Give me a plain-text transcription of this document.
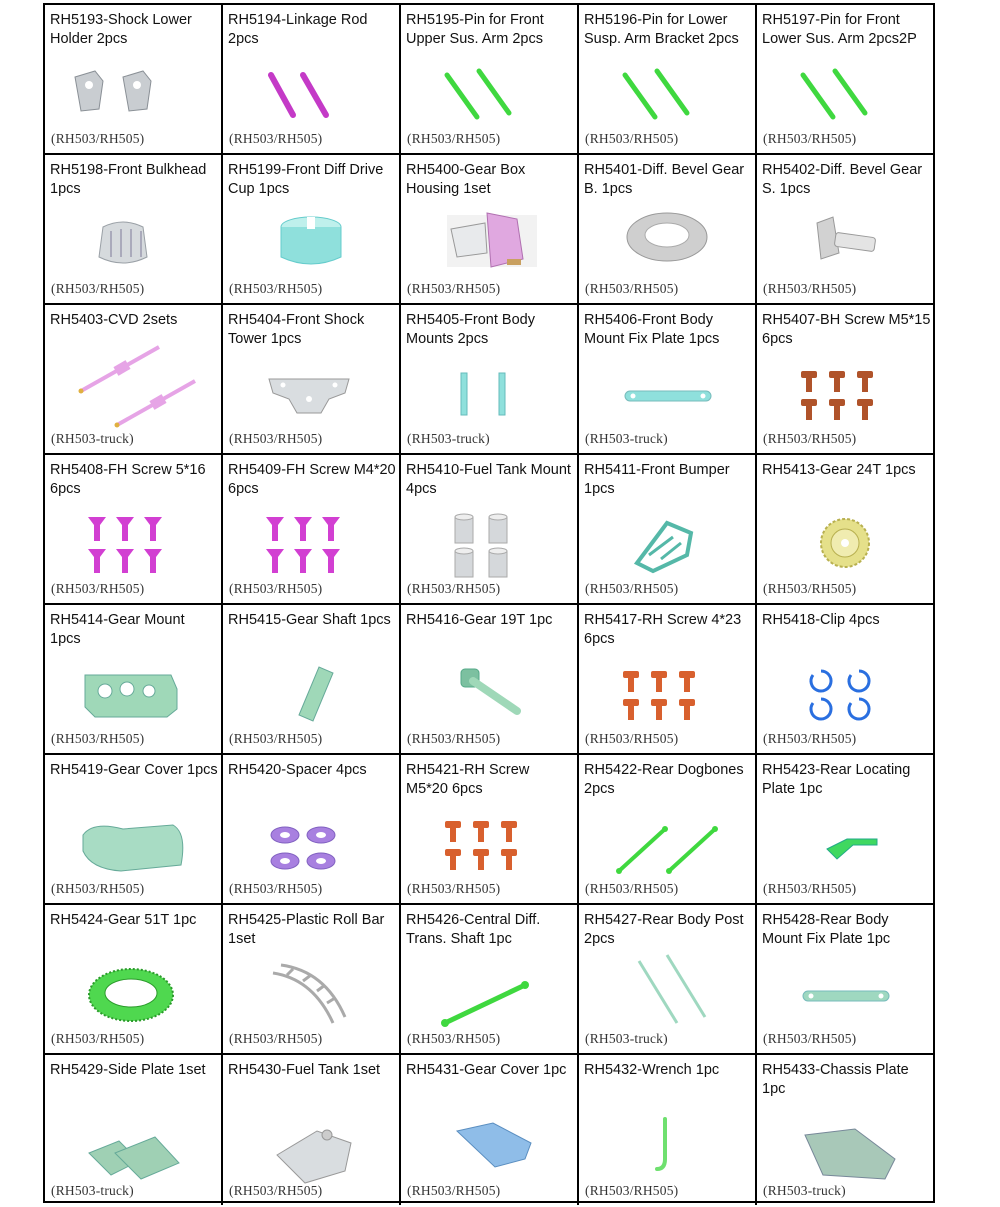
RH5193-Shock Lower Holder 2pcs
(RH503/RH505)
RH5194-Linkage Rod 2pcs
(RH503/RH505)
RH5195-Pin for Front Upper Sus. Arm 2pcs
(RH503/RH505)
RH5196-Pin for Lower Susp. Arm Bracket 2pcs
(RH503/RH505)
RH5197-Pin for Front Lower Sus. Arm 2pcs2P
(RH503/RH505)
RH5198-Front Bulkhead 1pcs
(RH503/RH505)
RH5199-Front Diff Drive Cup 1pcs
(RH503/RH505)
RH5400-Gear Box Housing 1set
(RH503/RH505)
RH5401-Diff. Bevel Gear B. 1pcs
(RH503/RH505)
RH5402-Diff. Bevel Gear S. 1pcs
(RH503/RH505)
RH5403-CVD 2sets
(RH503-truck)
RH5404-Front Shock Tower 1pcs
(RH503/RH505)
RH5405-Front Body Mounts 2pcs
(RH503-truck)
RH5406-Front Body Mount Fix Plate 1pcs
(RH503-truck)
RH5407-BH Screw M5*15 6pcs
(RH503/RH505)
RH5408-FH Screw 5*16 6pcs
(RH503/RH505)
RH5409-FH Screw M4*20 6pcs
(RH503/RH505)
RH5410-Fuel Tank Mount 4pcs
(RH503/RH505)
RH5411-Front Bumper 1pcs
(RH503/RH505)
RH5413-Gear 24T 1pcs
(RH503/RH505)
RH5414-Gear Mount 1pcs
(RH503/RH505)
RH5415-Gear Shaft 1pcs
(RH503/RH505)
RH5416-Gear 19T 1pc
(RH503/RH505)
RH5417-RH Screw 4*23 6pcs
(RH503/RH505)
RH5418-Clip 4pcs
(RH503/RH505)
RH5419-Gear Cover 1pcs
(RH503/RH505)
RH5420-Spacer 4pcs
(RH503/RH505)
RH5421-RH Screw M5*20 6pcs
(RH503/RH505)
RH5422-Rear Dogbones 2pcs
(RH503/RH505)
RH5423-Rear Locating Plate 1pc
(RH503/RH505)
RH5424-Gear 51T 1pc
(RH503/RH505)
RH5425-Plastic Roll Bar 1set
(RH503/RH505)
RH5426-Central Diff. Trans. Shaft 1pc
(RH503/RH505)
RH5427-Rear Body Post 2pcs
(RH503-truck)
RH5428-Rear Body Mount Fix Plate 1pc
(RH503/RH505)
RH5429-Side Plate 1set
(RH503-truck)
RH5430-Fuel Tank 1set
(RH503/RH505)
RH5431-Gear Cover 1pc
(RH503/RH505)
RH5432-Wrench 1pc
(RH503/RH505)
RH5433-Chassis Plate 1pc
(RH503-truck)
